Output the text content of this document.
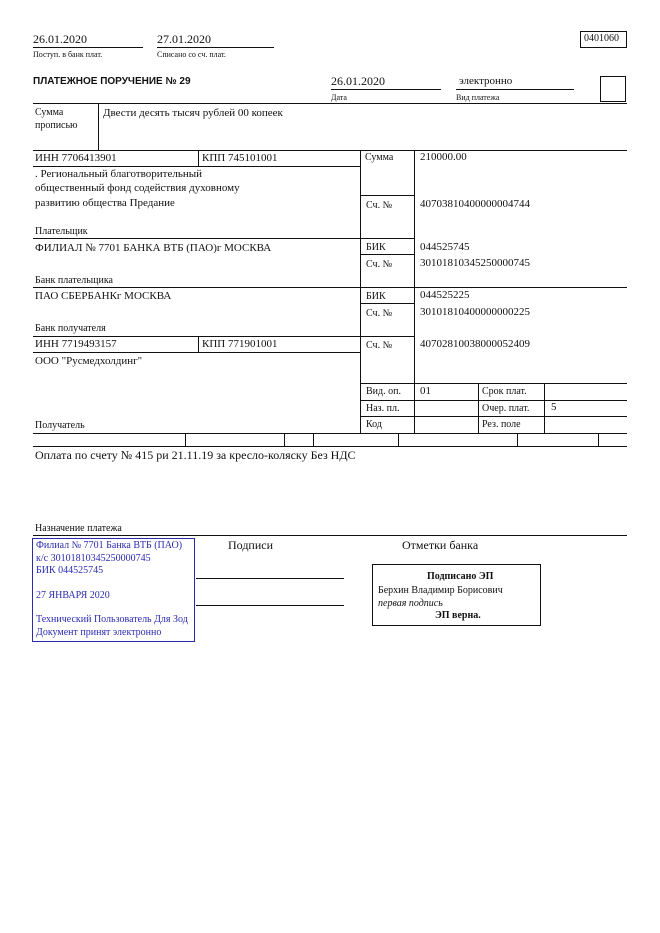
26.01.2020
Поступ. в банк плат.
27.01.2020
Списано со сч. плат.
0401060
ПЛАТЕЖНОЕ ПОРУЧЕНИЕ № 29	26.01.2020
Дата
электронно
Вид платежа
Сумма
прописью
Двести десять тысяч рублей 00 копеек
ИНН 7706413901	КПП 745101001	Сумма 210000.00
. Региональный благотворительный
общественный фонд содействия духовному
развитию общества Предание	Сч. №	40703810400000004744
Плательщик
ФИЛИАЛ № 7701 БАНКА ВТБ (ПАО)г МОСКВА	БИК	044525745
Сч. №	30101810345250000745
Банк плательщика
ПАО СБЕРБАНКг МОСКВА	БИК	044525225
Сч. №	30101810400000000225
Банк получателя
ИНН 7719493157	КПП 771901001	Сч. №	40702810038000052409
ООО "Русмедхолдинг"
Вид. оп. 01	Срок плат.
Наз. пл.	Очер. плат. 5
Код	Рез. поле
Получатель
Оплата по счету № 415 ри 21.11.19 за кресло-коляску Без НДС
Назначение платежа
Подписи	Отметки банка
Филиал № 7701 Банка ВТБ (ПАО)
к/с 30101810345250000745
БИК 044525745
27 ЯНВАРЯ 2020
Технический Пользователь Для Зод
Документ принят электронно
Подписано ЭП
Берхин Владимир Борисович
первая подпись
ЭП верна.
